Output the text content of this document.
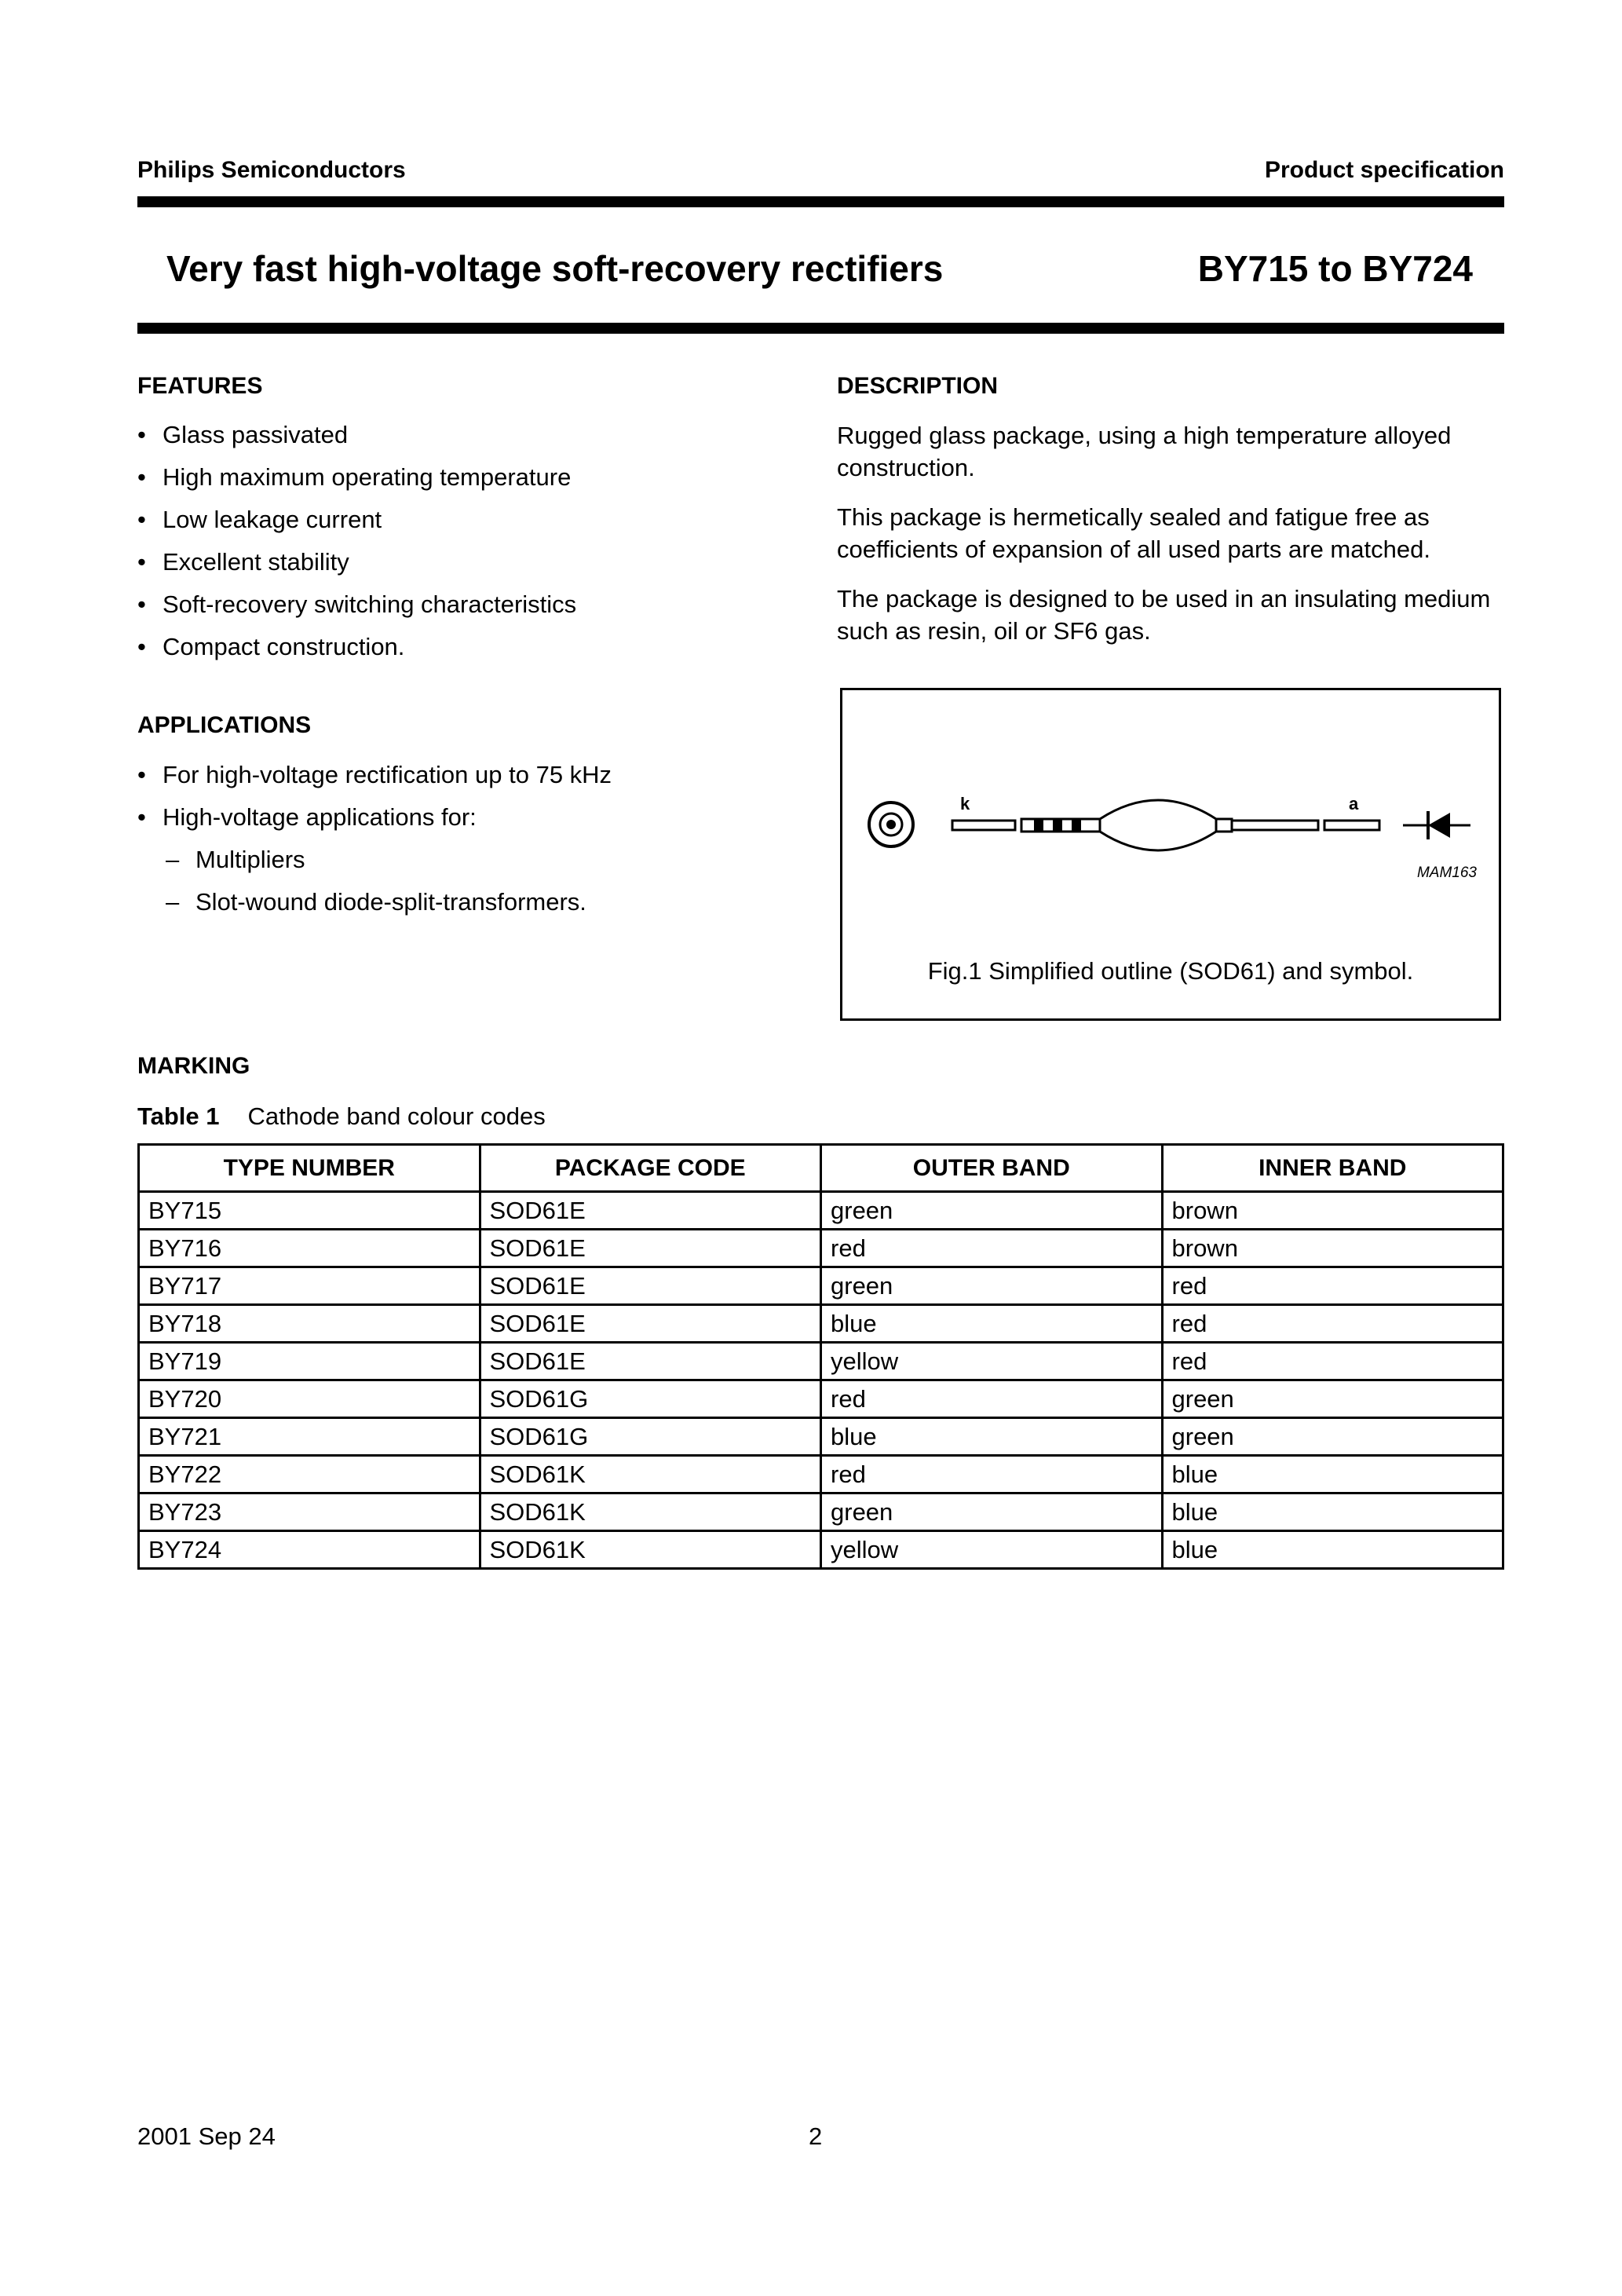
Philips Semiconductors	Product specification
Very fast high-voltage soft-recovery rectifiers	BY715 to BY724
FEATURES
• Glass passivated
• High maximum operating temperature
• Low leakage current
• Excellent stability
• Soft-recovery switching characteristics
• Compact construction.
APPLICATIONS
• For high-voltage rectification up to 75 kHz
• High-voltage applications for:
– Multipliers
– Slot-wound diode-split-transformers.
DESCRIPTION

Rugged glass package, using a high temperature alloyed construction.

This package is hermetically sealed and fatigue free as coefficients of expansion of all used parts are matched.

The package is designed to be used in an insulating medium such as resin, oil or SF6 gas.

k	a
MAM163
Fig.1 Simplified outline (SOD61) and symbol.
MARKING
Table 1 Cathode band colour codes
TYPE NUMBER	PACKAGE CODE	OUTER BAND	INNER BAND
BY715	SOD61E	green	brown
BY716	SOD61E	red	brown
BY717	SOD61E	green	red
BY718	SOD61E	blue	red
BY719	SOD61E	yellow	red
BY720	SOD61G	red	green
BY721	SOD61G	blue	green
BY722	SOD61K	red	blue
BY723	SOD61K	green	blue
BY724	SOD61K	yellow	blue
2001 Sep 24	2
